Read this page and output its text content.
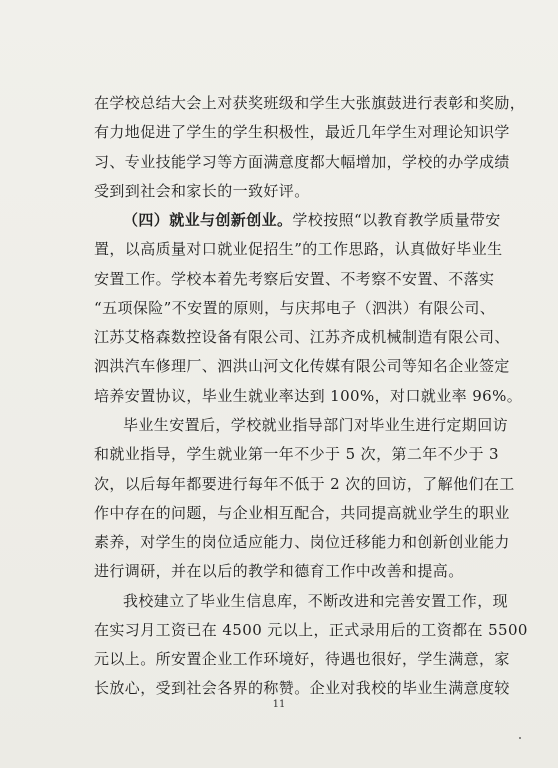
在学校总结大会上对获奖班级和学生大张旗鼓进行表彰和奖励，
有力地促进了学生的学生积极性，最近几年学生对理论知识学
习、专业技能学习等方面满意度都大幅增加，学校的办学成绩
受到到社会和家长的一致好评。
（四）就业与创新创业。学校按照“以教育教学质量带安
置，以高质量对口就业促招生”的工作思路，认真做好毕业生
安置工作。学校本着先考察后安置、不考察不安置、不落实
“五项保险”不安置的原则，与庆邦电子（泗洪）有限公司、
江苏艾格森数控设备有限公司、江苏齐成机械制造有限公司、
泗洪汽车修理厂、泗洪山河文化传媒有限公司等知名企业签定
培养安置协议，毕业生就业率达到 100%，对口就业率 96%。
毕业生安置后，学校就业指导部门对毕业生进行定期回访
和就业指导，学生就业第一年不少于 5 次，第二年不少于 3
次，以后每年都要进行每年不低于 2 次的回访，了解他们在工
作中存在的问题，与企业相互配合，共同提高就业学生的职业
素养，对学生的岗位适应能力、岗位迁移能力和创新创业能力
进行调研，并在以后的教学和德育工作中改善和提高。
我校建立了毕业生信息库，不断改进和完善安置工作，现
在实习月工资已在 4500 元以上，正式录用后的工资都在 5500
元以上。所安置企业工作环境好，待遇也很好，学生满意，家
长放心，受到社会各界的称赞。企业对我校的毕业生满意度较
11
